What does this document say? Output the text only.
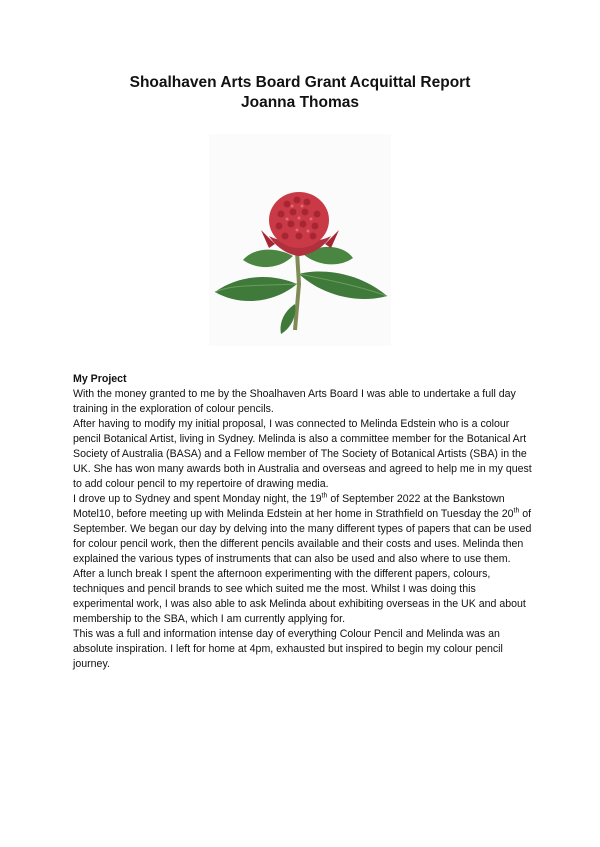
Shoalhaven Arts Board Grant Acquittal Report
Joanna Thomas
My Project

With the money granted to me by the Shoalhaven Arts Board I was able to undertake a full day training in the exploration of colour pencils.

After having to modify my initial proposal, I was connected to Melinda Edstein who is a colour pencil Botanical Artist, living in Sydney. Melinda is also a committee member for the Botanical Art Society of Australia (BASA) and a Fellow member of The Society of Botanical Artists (SBA) in the UK. She has won many awards both in Australia and overseas and agreed to help me in my quest to add colour pencil to my repertoire of drawing media.

I drove up to Sydney and spent Monday night, the 19th of September 2022 at the Bankstown Motel10, before meeting up with Melinda Edstein at her home in Strathfield on Tuesday the 20th of September. We began our day by delving into the many different types of papers that can be used for colour pencil work, then the different pencils available and their costs and uses. Melinda then explained the various types of instruments that can also be used and also where to use them.

After a lunch break I spent the afternoon experimenting with the different papers, colours, techniques and pencil brands to see which suited me the most. Whilst I was doing this experimental work, I was also able to ask Melinda about exhibiting overseas in the UK and about membership to the SBA, which I am currently applying for.

This was a full and information intense day of everything Colour Pencil and Melinda was an absolute inspiration. I left for home at 4pm, exhausted but inspired to begin my colour pencil journey.
